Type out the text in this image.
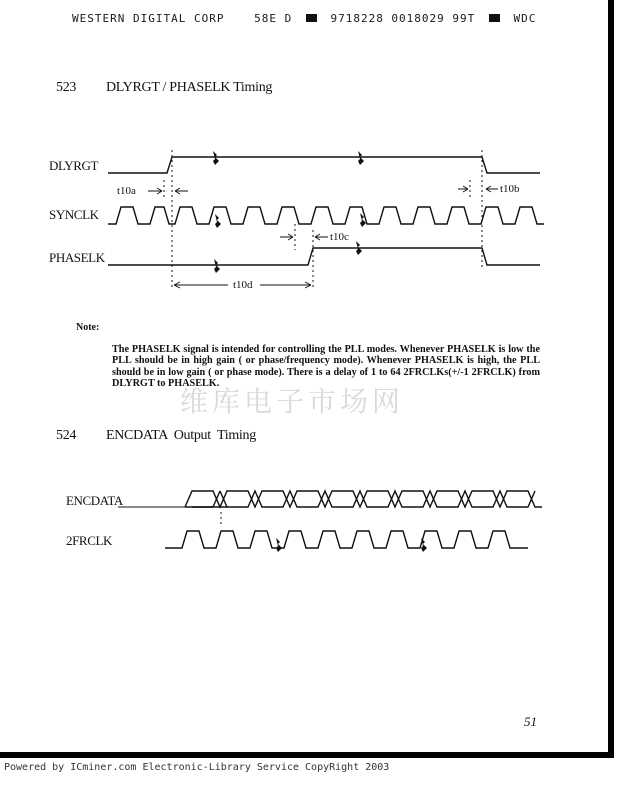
WESTERN DIGITAL CORP	58E D	9718228 0018029 99T	WDC
523 DLYRGT / PHASELK Timing
DLYRGT
SYNCLK
PHASELK
t10a	t10b
t10c
t10d
ENCDATA
2FRCLK
Note:
The PHASELK signal is intended for controlling the PLL modes. Whenever PHASELK is low the PLL should be in high gain ( or phase/frequency mode). Whenever PHASELK is high, the PLL should be in low gain ( or phase mode). There is a delay of 1 to 64 2FRCLKs(+/-1 2FRCLK) from DLYRGT to PHASELK.
维库电子市场网
524 ENCDATA  Output  Timing
51
Powered by ICminer.com Electronic-Library Service CopyRight 2003
